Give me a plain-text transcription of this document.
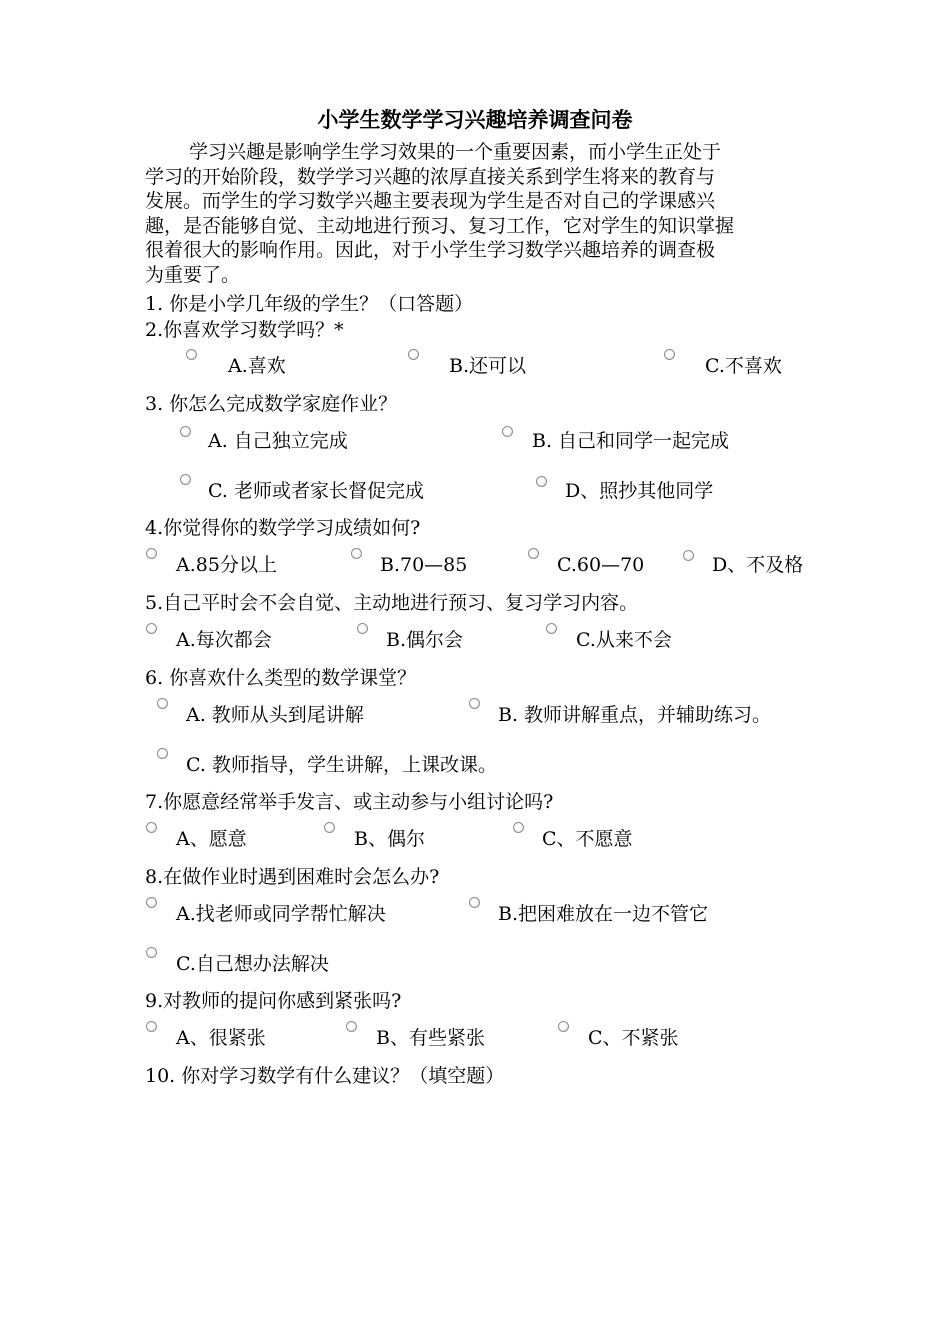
小学生数学学习兴趣培养调查问卷
学习兴趣是影响学生学习效果的一个重要因素，而小学生正处于
学习的开始阶段，数学学习兴趣的浓厚直接关系到学生将来的教育与
发展。而学生的学习数学兴趣主要表现为学生是否对自己的学课感兴
趣，是否能够自觉、主动地进行预习、复习工作，它对学生的知识掌握
很着很大的影响作用。因此，对于小学生学习数学兴趣培养的调查极
为重要了。
1. 你是小学几年级的学生？（口答题）
2.你喜欢学习数学吗？*
A.喜欢	B.还可以	C.不喜欢
3. 你怎么完成数学家庭作业？
A. 自己独立完成	B. 自己和同学一起完成
C. 老师或者家长督促完成	D、照抄其他同学
4.你觉得你的数学学习成绩如何?
A.85分以上	B.70—85	C.60—70	D、不及格
5.自己平时会不会自觉、主动地进行预习、复习学习内容。
A.每次都会	B.偶尔会	C.从来不会
6. 你喜欢什么类型的数学课堂？
A. 教师从头到尾讲解	B. 教师讲解重点，并辅助练习。
C. 教师指导，学生讲解，上课改课。
7.你愿意经常举手发言、或主动参与小组讨论吗?
A、愿意	B、偶尔	C、不愿意
8.在做作业时遇到困难时会怎么办?
A.找老师或同学帮忙解决	B.把困难放在一边不管它
C.自己想办法解决
9.对教师的提问你感到紧张吗?
A、很紧张	B、有些紧张	C、不紧张
10. 你对学习数学有什么建议？（填空题）
